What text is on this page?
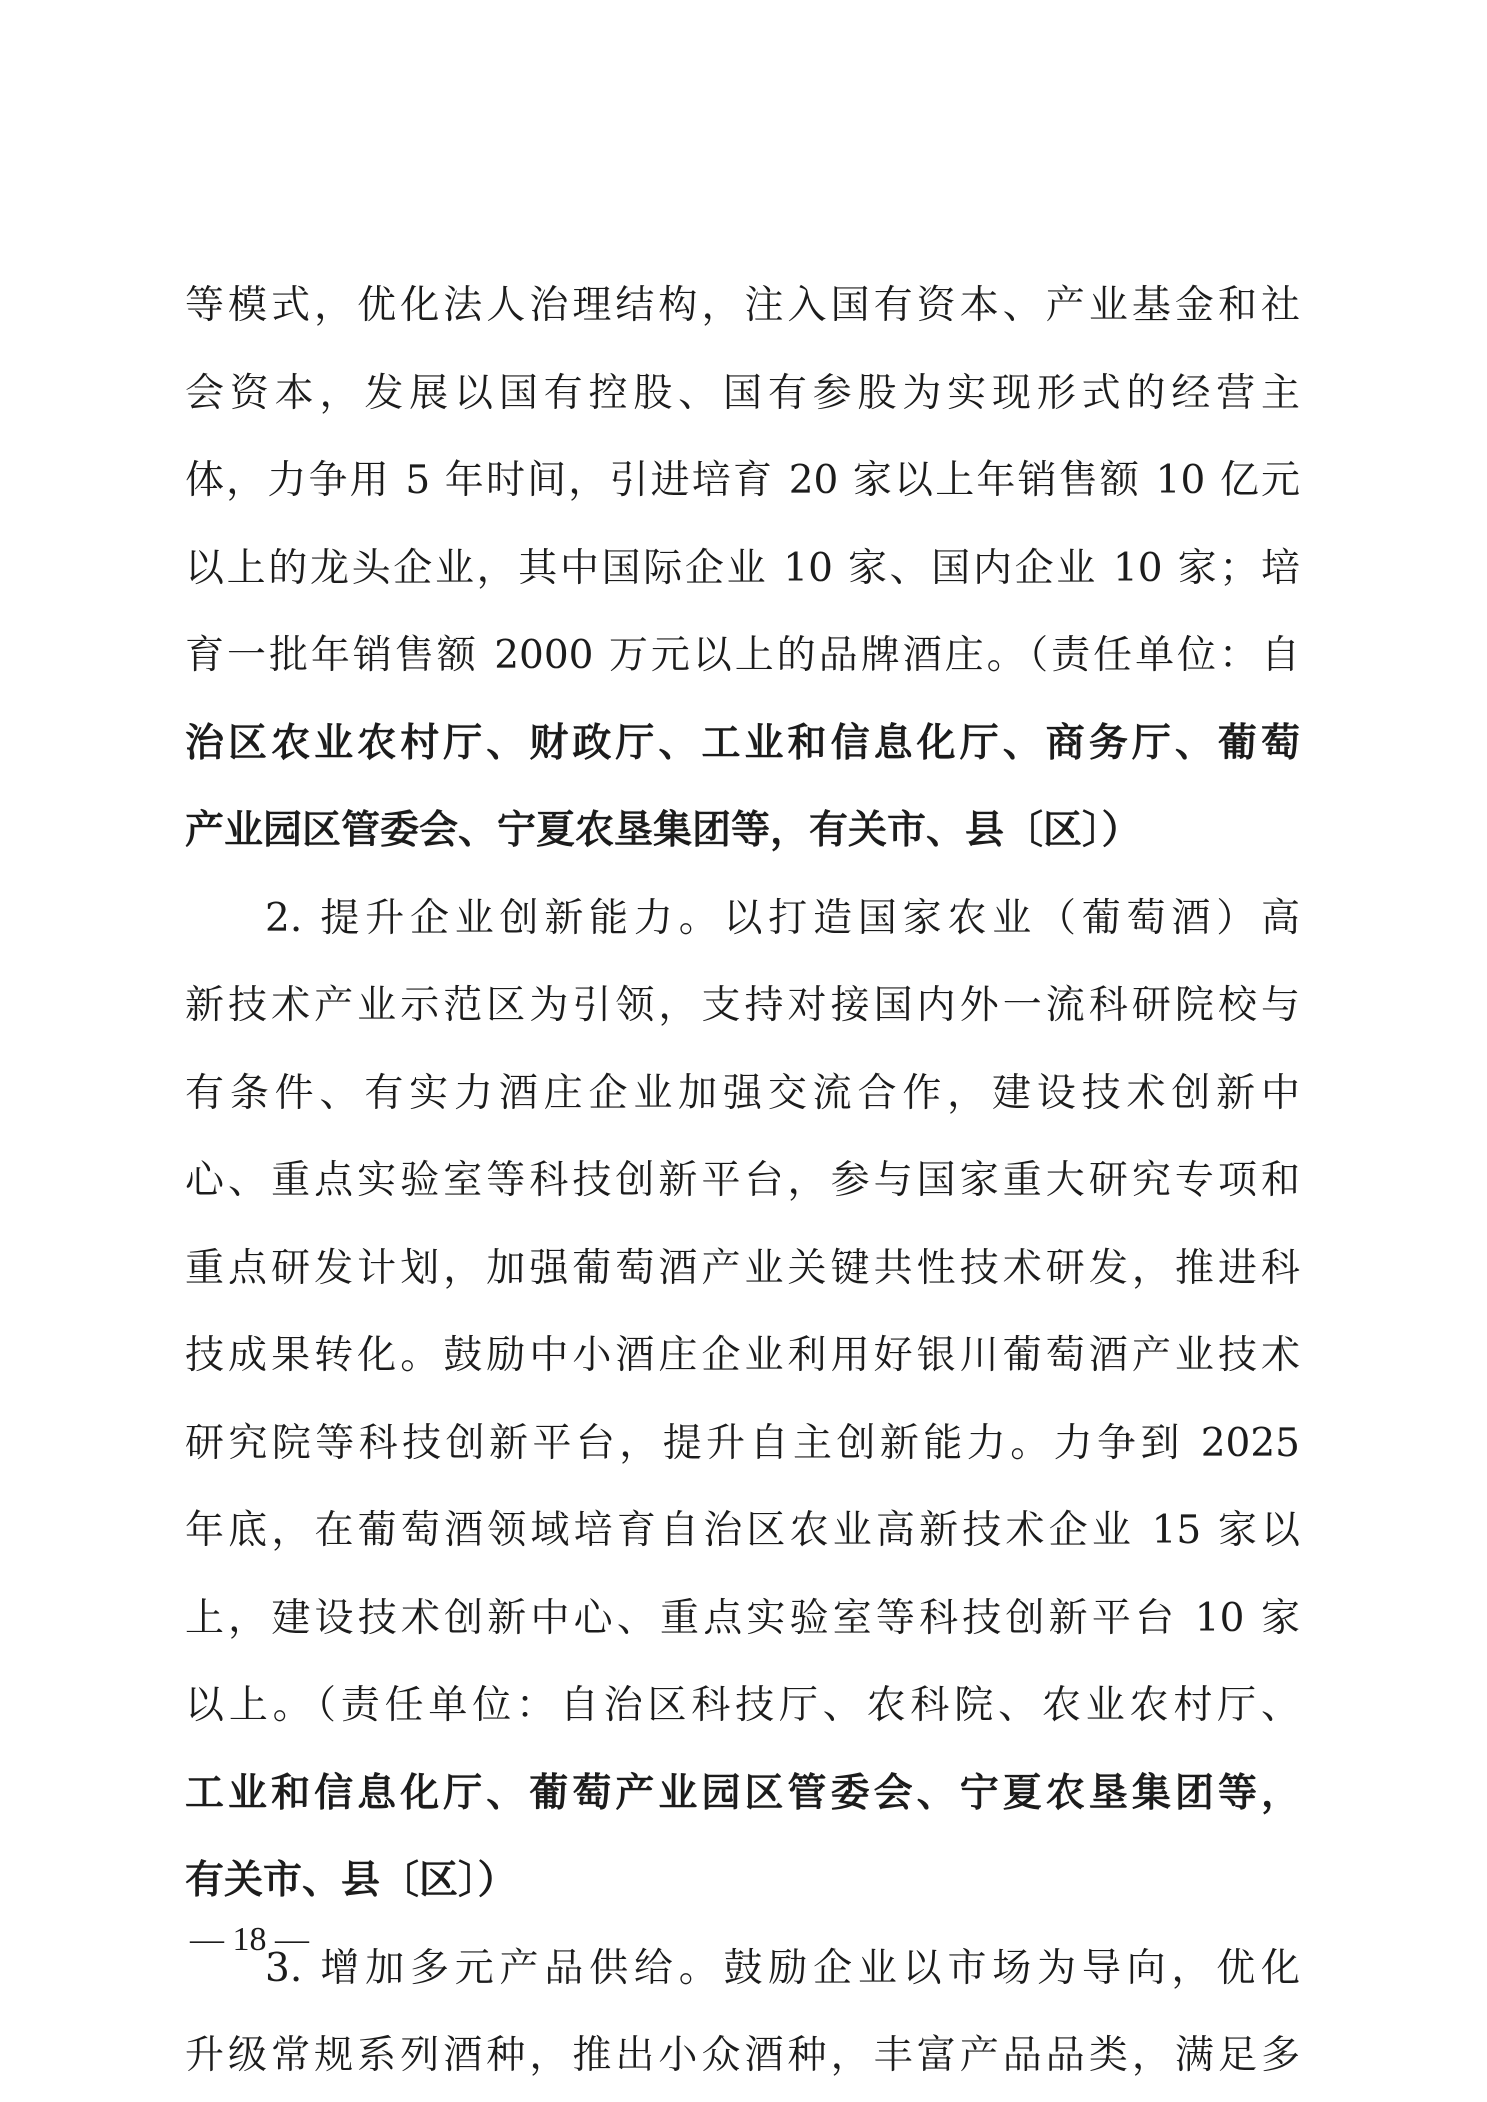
等模式，优化法人治理结构，注入国有资本、产业基金和社
会资本，发展以国有控股、国有参股为实现形式的经营主
体，力争用 5 年时间，引进培育 20 家以上年销售额 10 亿元
以上的龙头企业，其中国际企业 10 家、国内企业 10 家；培
育一批年销售额 2000 万元以上的品牌酒庄。（责任单位：自
治区农业农村厅、财政厅、工业和信息化厅、商务厅、葡萄
产业园区管委会、宁夏农垦集团等，有关市、县〔区〕）
2. 提升企业创新能力。以打造国家农业（葡萄酒）高
新技术产业示范区为引领，支持对接国内外一流科研院校与
有条件、有实力酒庄企业加强交流合作，建设技术创新中
心、重点实验室等科技创新平台，参与国家重大研究专项和
重点研发计划，加强葡萄酒产业关键共性技术研发，推进科
技成果转化。鼓励中小酒庄企业利用好银川葡萄酒产业技术
研究院等科技创新平台，提升自主创新能力。力争到 2025
年底，在葡萄酒领域培育自治区农业高新技术企业 15 家以
上，建设技术创新中心、重点实验室等科技创新平台 10 家
以上。（责任单位：自治区科技厅、农科院、农业农村厅、
工业和信息化厅、葡萄产业园区管委会、宁夏农垦集团等，
有关市、县〔区〕）
3. 增加多元产品供给。鼓励企业以市场为导向，优化
升级常规系列酒种，推出小众酒种，丰富产品品类，满足多
— 18 —
